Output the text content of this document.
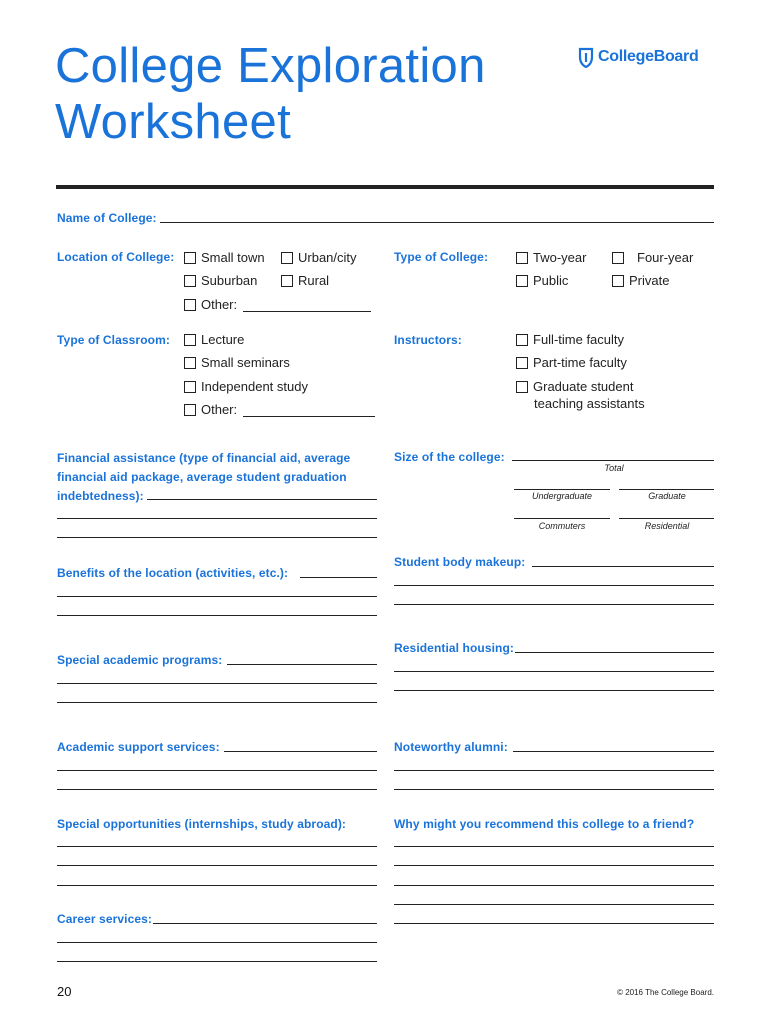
College Exploration
Worksheet
CollegeBoard
Name of College:
Location of College: Small town	Urban/city
Suburban	Rural
Other:
Type of College:	Two-year	Four-year
Public	Private
Type of Classroom: Lecture
Small seminars
Independent study
Other:
Instructors:	Full-time faculty
Part-time faculty
Graduate student
teaching assistants
Financial assistance (type of financial aid, average
financial aid package, average student graduation
indebtedness):
Size of the college:
Total
Undergraduate	Graduate
Commuters	Residential
Student body makeup:
Benefits of the location (activities, etc.):
Residential housing:
Special academic programs:
Academic support services:	Noteworthy alumni:
Special opportunities (internships, study abroad):	Why might you recommend this college to a friend?
Career services:
20	© 2016 The College Board.
